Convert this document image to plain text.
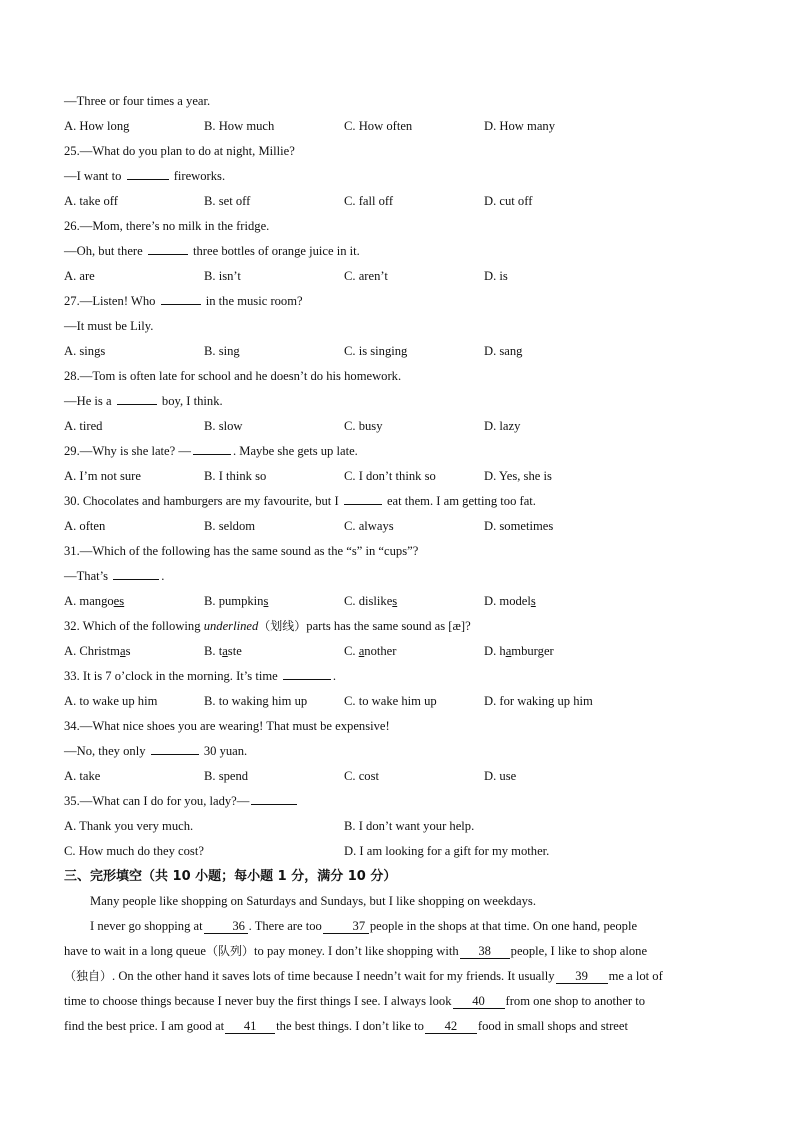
—Three or four times a year.
A. How long	B. How much	C. How often	D. How many
25.—What do you plan to do at night, Millie?
—I want to	fireworks.
A. take off	B. set off	C. fall off	D. cut off
26.—Mom, there’s no milk in the fridge.
—Oh, but there	three bottles of orange juice in it.
A. are	B. isn’t	C. aren’t	D. is
27.—Listen! Who	in the music room?
—It must be Lily.
A. sings	B. sing	C. is singing	D. sang
28.—Tom is often late for school and he doesn’t do his homework.
—He is a	boy, I think.
A. tired	B. slow	C. busy	D. lazy
29.—Why is she late? —	. Maybe she gets up late.
A. I’m not sure	B. I think so	C. I don’t think so	D. Yes, she is
30. Chocolates and hamburgers are my favourite, but I	eat them. I am getting too fat.
A. often	B. seldom	C. always	D. sometimes
31.—Which of the following has the same sound as the “s” in “cups”?
—That’s	.
A. mangoes	B. pumpkins	C. dislikes	D. models
32. Which of the following underlined（划线）parts has the same sound as [æ]?
A. Christmas	B. taste	C. another	D. hamburger
33. It is 7 o’clock in the morning. It’s time	.
A. to wake up him	B. to waking him up	C. to wake him up	D. for waking up him
34.—What nice shoes you are wearing! That must be expensive!
—No, they only	30 yuan.
A. take	B. spend	C. cost	D. use
35.—What can I do for you, lady?—
A. Thank you very much.	B. I don’t want your help.
C. How much do they cost?	D. I am looking for a gift for my mother.
三、完形填空（共 10 小题；每小题 1 分，满分 10 分）
Many people like shopping on Saturdays and Sundays, but I like shopping on weekdays.
I never go shopping at 36 . There are too 37 people in the shops at that time. On one hand, people
have to wait in a long queue（队列）to pay money. I don’t like shopping with 38 people, I like to shop alone
（独自）. On the other hand it saves lots of time because I needn’t wait for my friends. It usually 39 me a lot of
time to choose things because I never buy the first things I see. I always look 40 from one shop to another to
find the best price. I am good at 41 the best things. I don’t like to 42 food in small shops and street
